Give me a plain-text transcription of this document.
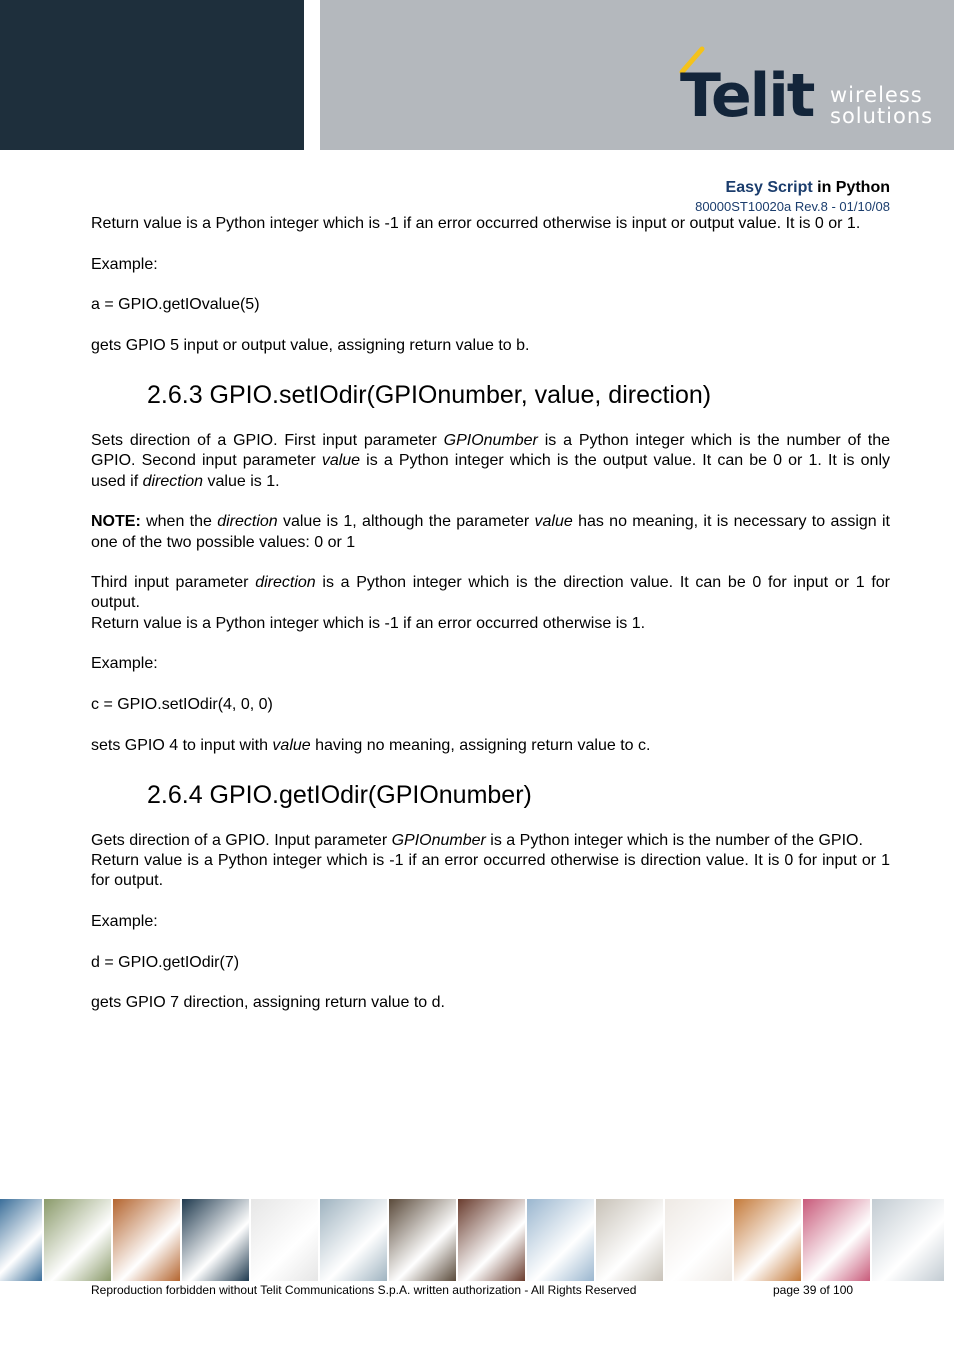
Telit wireless
solutions
Easy Script in Python
80000ST10020a Rev.8 - 01/10/08

Return value is a Python integer which is -1 if an error occurred otherwise is input or output value. It is 0 or 1.

Example:

a = GPIO.getIOvalue(5)

gets GPIO 5 input or output value, assigning return value to b.

2.6.3 GPIO.setIOdir(GPIOnumber, value, direction)

Sets direction of a GPIO. First input parameter GPIOnumber is a Python integer which is the number of the GPIO. Second input parameter value is a Python integer which is the output value. It can be 0 or 1. It is only used if direction value is 1.

NOTE: when the direction value is 1, although the parameter value has no meaning, it is necessary to assign it one of the two possible values: 0 or 1

Third input parameter direction is a Python integer which is the direction value. It can be 0 for input or 1 for output.

Return value is a Python integer which is -1 if an error occurred otherwise is 1.

Example:

c = GPIO.setIOdir(4, 0, 0)

sets GPIO 4 to input with value having no meaning, assigning return value to c.

2.6.4 GPIO.getIOdir(GPIOnumber)

Gets direction of a GPIO. Input parameter GPIOnumber is a Python integer which is the number of the GPIO.

Return value is a Python integer which is -1 if an error occurred otherwise is direction value. It is 0 for input or 1 for output.

Example:

d = GPIO.getIOdir(7)

gets GPIO 7 direction, assigning return value to d.

Reproduction forbidden without Telit Communications S.p.A. written authorization - All Rights Reserved	page 39 of 100
